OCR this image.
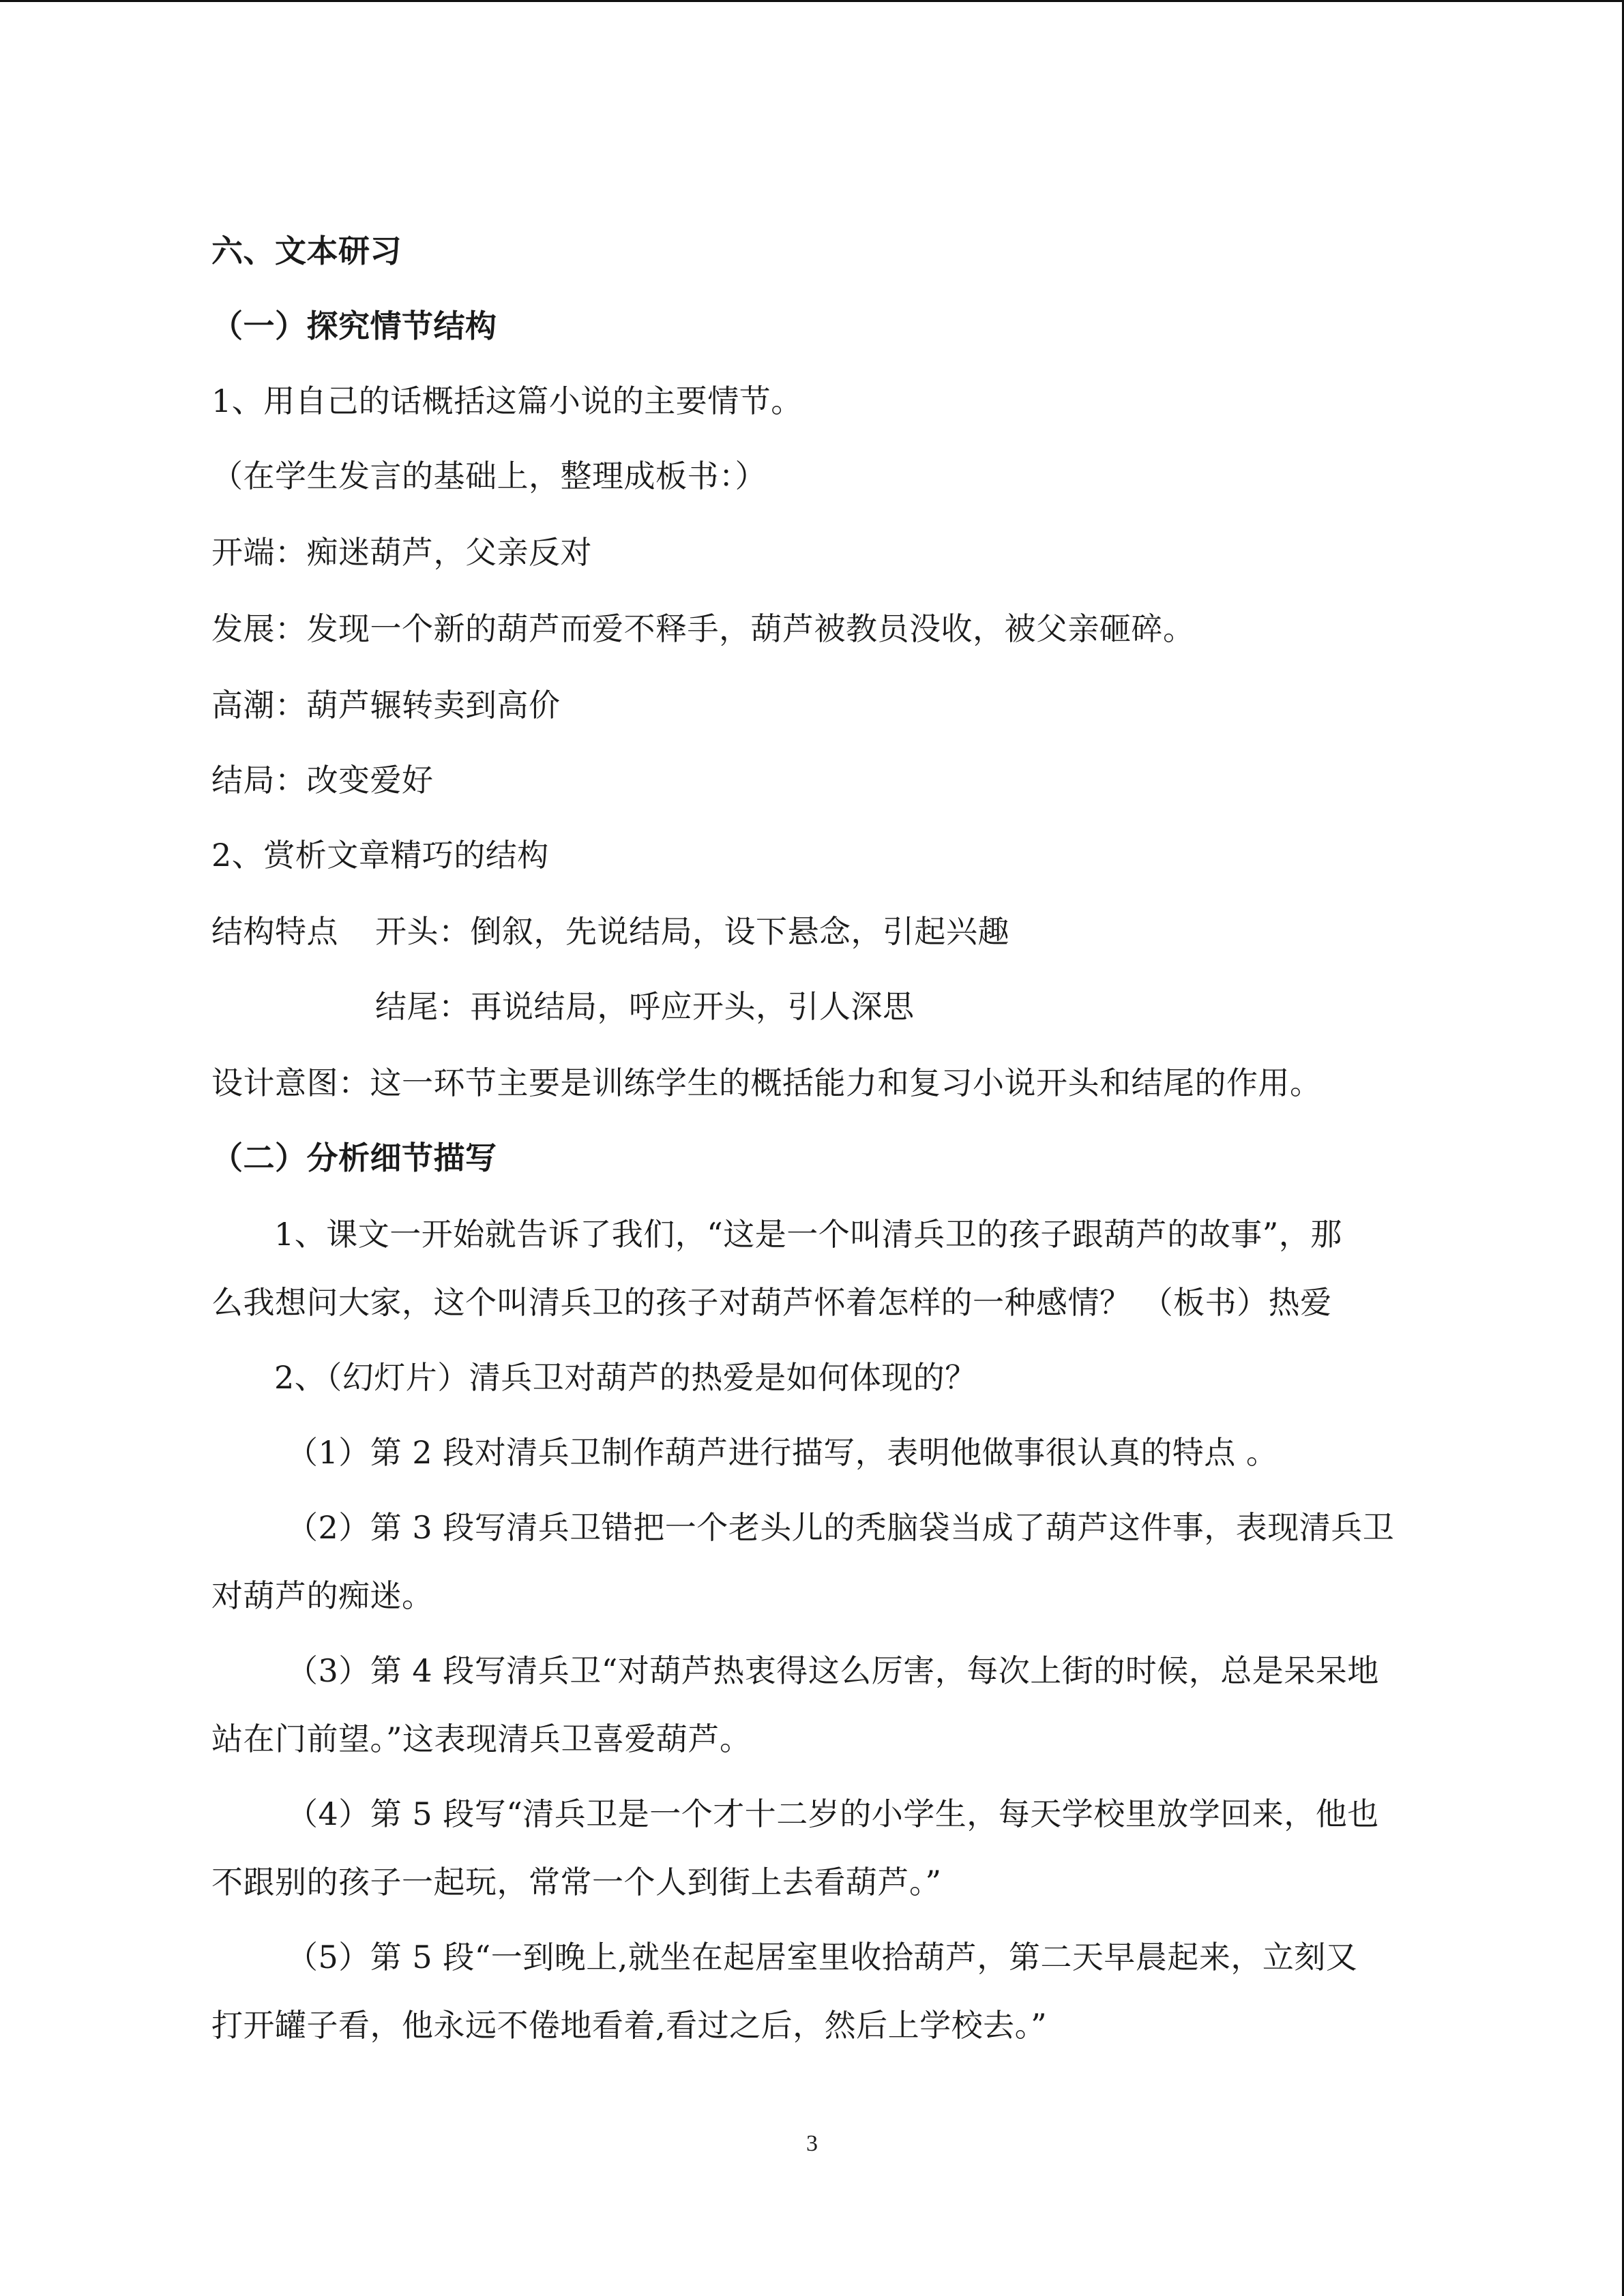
六、文本研习
（一）探究情节结构
1、用自己的话概括这篇小说的主要情节。
（在学生发言的基础上，整理成板书：）
开端：痴迷葫芦，父亲反对
发展：发现一个新的葫芦而爱不释手，葫芦被教员没收，被父亲砸碎。
高潮：葫芦辗转卖到高价
结局：改变爱好
2、赏析文章精巧的结构
结构特点 开头：倒叙，先说结局，设下悬念，引起兴趣
结尾：再说结局，呼应开头，引人深思
设计意图：这一环节主要是训练学生的概括能力和复习小说开头和结尾的作用。
（二）分析细节描写
1、课文一开始就告诉了我们，“这是一个叫清兵卫的孩子跟葫芦的故事”，那
么我想问大家，这个叫清兵卫的孩子对葫芦怀着怎样的一种感情？ （板书）热爱
2、（幻灯片）清兵卫对葫芦的热爱是如何体现的？
（1）第 2 段对清兵卫制作葫芦进行描写，表明他做事很认真的特点 。
（2）第 3 段写清兵卫错把一个老头儿的秃脑袋当成了葫芦这件事，表现清兵卫
对葫芦的痴迷。
（3）第 4 段写清兵卫“对葫芦热衷得这么厉害，每次上街的时候，总是呆呆地
站在门前望。”这表现清兵卫喜爱葫芦。
（4）第 5 段写“清兵卫是一个才十二岁的小学生，每天学校里放学回来，他也
不跟别的孩子一起玩，常常一个人到街上去看葫芦。”
（5）第 5 段“一到晚上,就坐在起居室里收拾葫芦，第二天早晨起来，立刻又
打开罐子看，他永远不倦地看着,看过之后，然后上学校去。”
3
